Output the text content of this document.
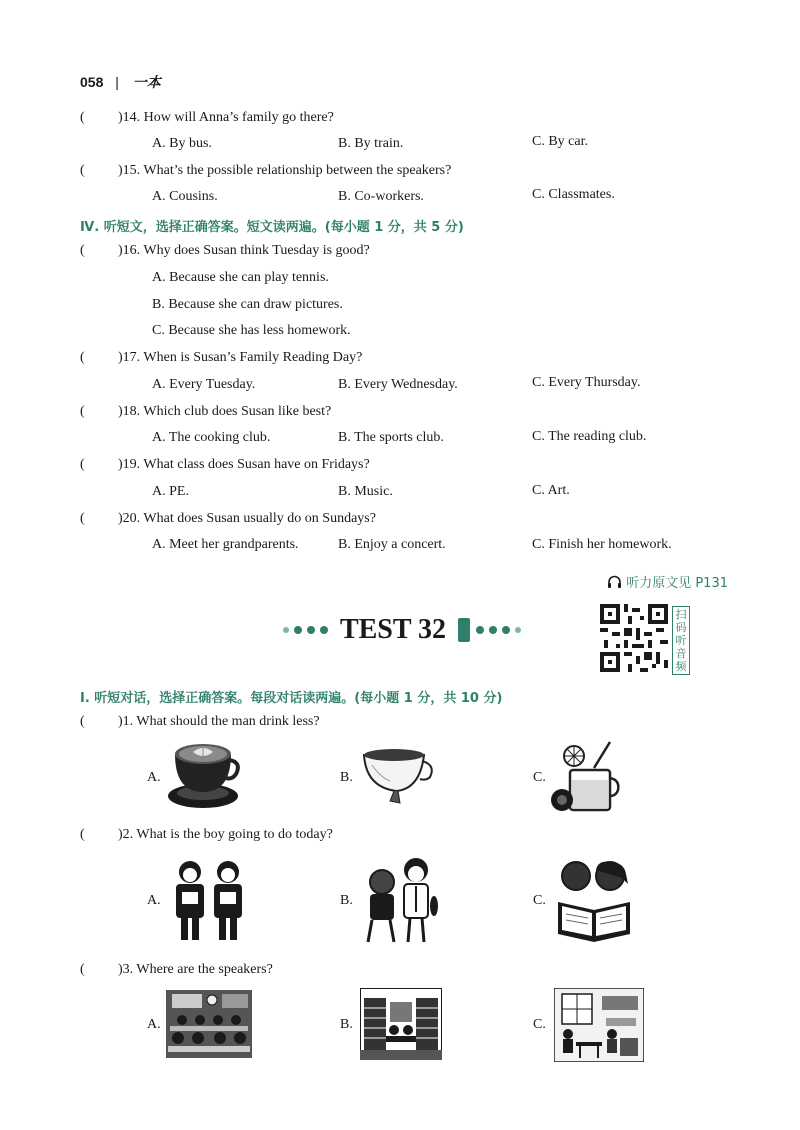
058 | 一本
( )14. How will Anna’s family go there?
A. By bus.	B. By train.	C. By car.
( )15. What’s the possible relationship between the speakers?
A. Cousins.	B. Co-workers.	C. Classmates.
Ⅳ. 听短文，选择正确答案。短文读两遍。(每小题 1 分，共 5 分)
( )16. Why does Susan think Tuesday is good?
A. Because she can play tennis.
B. Because she can draw pictures.
C. Because she has less homework.
( )17. When is Susan’s Family Reading Day?
A. Every Tuesday.	B. Every Wednesday.	C. Every Thursday.
( )18. Which club does Susan like best?
A. The cooking club.	B. The sports club.	C. The reading club.
( )19. What class does Susan have on Fridays?
A. PE.	B. Music.	C. Art.
( )20. What does Susan usually do on Sundays?
A. Meet her grandparents.	B. Enjoy a concert.	C. Finish her homework.
听力原文见 P131
TEST 32	扫码听音频
Ⅰ. 听短对话，选择正确答案。每段对话读两遍。(每小题 1 分，共 10 分)
( )1. What should the man drink less?
A.	B.	C.
( )2. What is the boy going to do today?
A.	B.	C.
( )3. Where are the speakers?
A.	B.	C.
